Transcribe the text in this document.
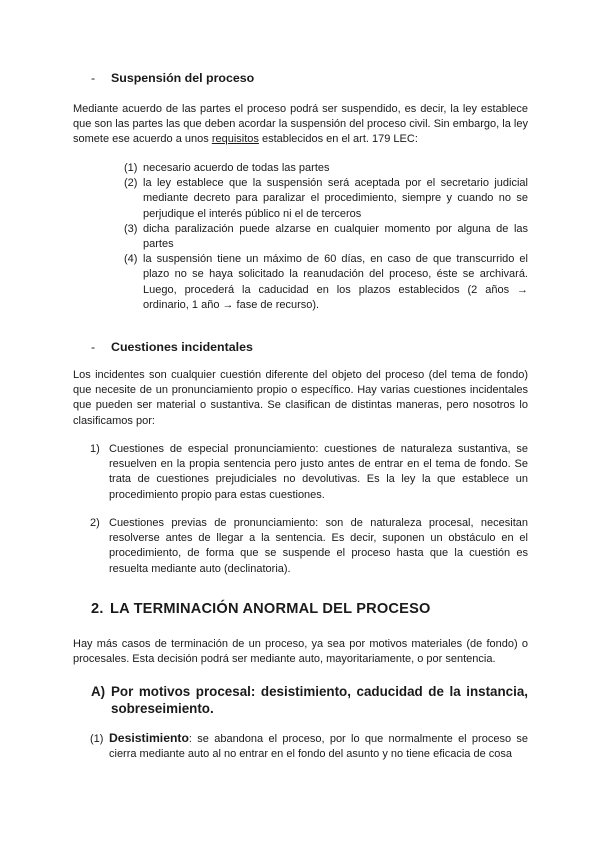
- Suspensión del proceso

Mediante acuerdo de las partes el proceso podrá ser suspendido, es decir, la ley establece que son las partes las que deben acordar la suspensión del proceso civil. Sin embargo, la ley somete ese acuerdo a unos requisitos establecidos en el art. 179 LEC:

(1) necesario acuerdo de todas las partes
(2) la ley establece que la suspensión será aceptada por el secretario judicial mediante decreto para paralizar el procedimiento, siempre y cuando no se perjudique el interés público ni el de terceros
(3) dicha paralización puede alzarse en cualquier momento por alguna de las partes
(4) la suspensión tiene un máximo de 60 días, en caso de que transcurrido el plazo no se haya solicitado la reanudación del proceso, éste se archivará. Luego, procederá la caducidad en los plazos establecidos (2 años → ordinario, 1 año → fase de recurso).

- Cuestiones incidentales

Los incidentes son cualquier cuestión diferente del objeto del proceso (del tema de fondo) que necesite de un pronunciamiento propio o específico. Hay varias cuestiones incidentales que pueden ser material o sustantiva. Se clasifican de distintas maneras, pero nosotros lo clasificamos por:

1) Cuestiones de especial pronunciamiento: cuestiones de naturaleza sustantiva, se resuelven en la propia sentencia pero justo antes de entrar en el tema de fondo. Se trata de cuestiones prejudiciales no devolutivas. Es la ley la que establece un procedimiento propio para estas cuestiones.
2) Cuestiones previas de pronunciamiento: son de naturaleza procesal, necesitan resolverse antes de llegar a la sentencia. Es decir, suponen un obstáculo en el procedimiento, de forma que se suspende el proceso hasta que la cuestión es resuelta mediante auto (declinatoria).

2. LA TERMINACIÓN ANORMAL DEL PROCESO

Hay más casos de terminación de un proceso, ya sea por motivos materiales (de fondo) o procesales. Esta decisión podrá ser mediante auto, mayoritariamente, o por sentencia.

A) Por motivos procesal: desistimiento, caducidad de la instancia, sobreseimiento.
(1) Desistimiento: se abandona el proceso, por lo que normalmente el proceso se cierra mediante auto al no entrar en el fondo del asunto y no tiene eficacia de cosa
